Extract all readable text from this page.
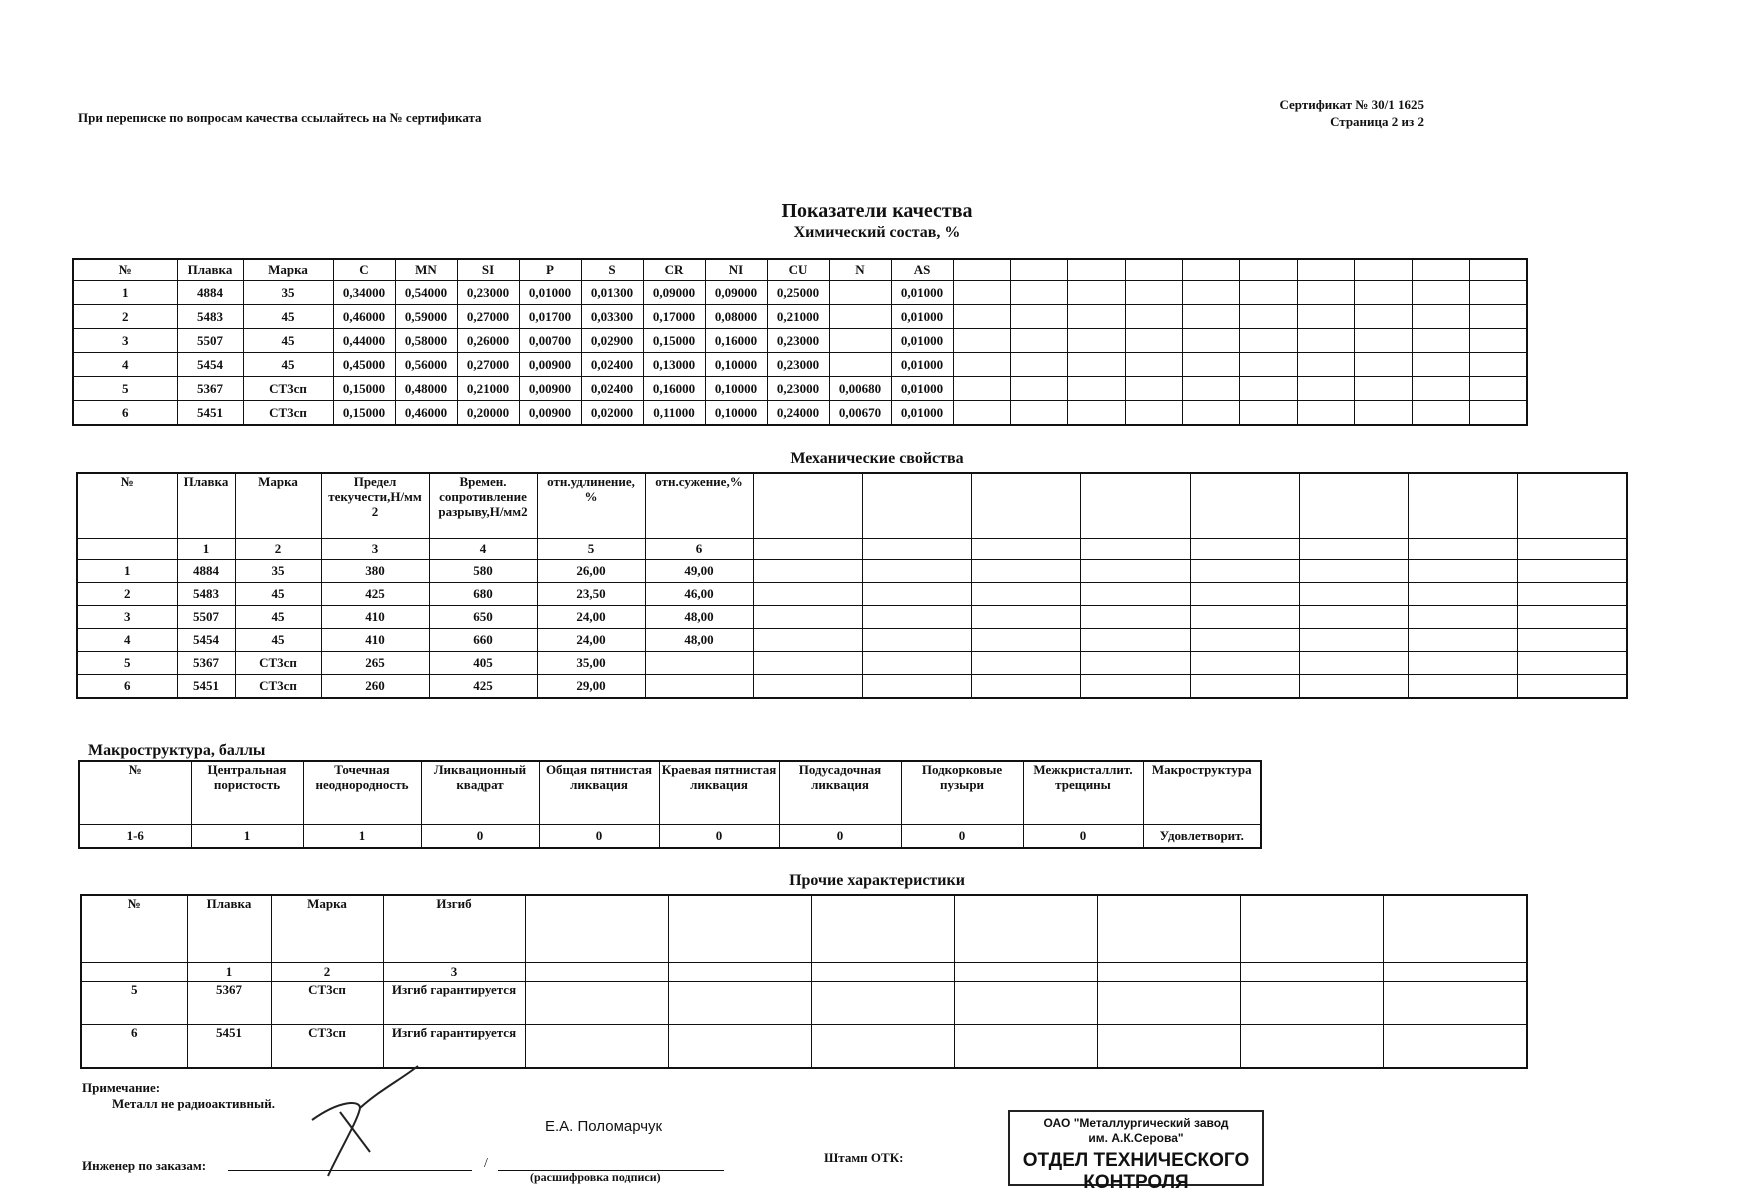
При переписке по вопросам качества ссылайтесь на № сертификата
Сертификат № 30/1 1625
Страница 2 из 2
Показатели качества
Химический состав, %
№	Плавка	Марка	C	MN	SI	P	S	CR	NI	CU	N	AS										
1	4884	35	0,34000	0,54000	0,23000	0,01000	0,01300	0,09000	0,09000	0,25000		0,01000										
2	5483	45	0,46000	0,59000	0,27000	0,01700	0,03300	0,17000	0,08000	0,21000		0,01000										
3	5507	45	0,44000	0,58000	0,26000	0,00700	0,02900	0,15000	0,16000	0,23000		0,01000										
4	5454	45	0,45000	0,56000	0,27000	0,00900	0,02400	0,13000	0,10000	0,23000		0,01000										
5	5367	СТ3сп	0,15000	0,48000	0,21000	0,00900	0,02400	0,16000	0,10000	0,23000	0,00680	0,01000										
6	5451	СТ3сп	0,15000	0,46000	0,20000	0,00900	0,02000	0,11000	0,10000	0,24000	0,00670	0,01000										
Механические свойства
№	Плавка	Марка	Предел текучести,Н/мм 2	Времен. сопротивление разрыву,Н/мм2	отн.удлинение, %	отн.сужение,%								
	1	2	3	4	5	6								
1	4884	35	380	580	26,00	49,00								
2	5483	45	425	680	23,50	46,00								
3	5507	45	410	650	24,00	48,00								
4	5454	45	410	660	24,00	48,00								
5	5367	СТ3сп	265	405	35,00									
6	5451	СТ3сп	260	425	29,00									
Макроструктура, баллы
№	Центральная пористость	Точечная неоднородность	Ликвационный квадрат	Общая пятнистая ликвация	Краевая пятнистая ликвация	Подусадочная ликвация	Подкорковые пузыри	Межкристаллит. трещины	Макроструктура
1-6	1	1	0	0	0	0	0	0	Удовлетворит.
Прочие характеристики
№	Плавка	Марка	Изгиб							
	1	2	3							
5	5367	СТ3сп	Изгиб гарантируется							
6	5451	СТ3сп	Изгиб гарантируется							
Примечание:
Металл не радиоактивный.
Е.А. Поломарчук
Инженер по заказам:	/
(расшифровка подписи)
Штамп ОТК:
ОАО "Металлургический завод
им. А.К.Серова"
ОТДЕЛ ТЕХНИЧЕСКОГО
КОНТРОЛЯ
